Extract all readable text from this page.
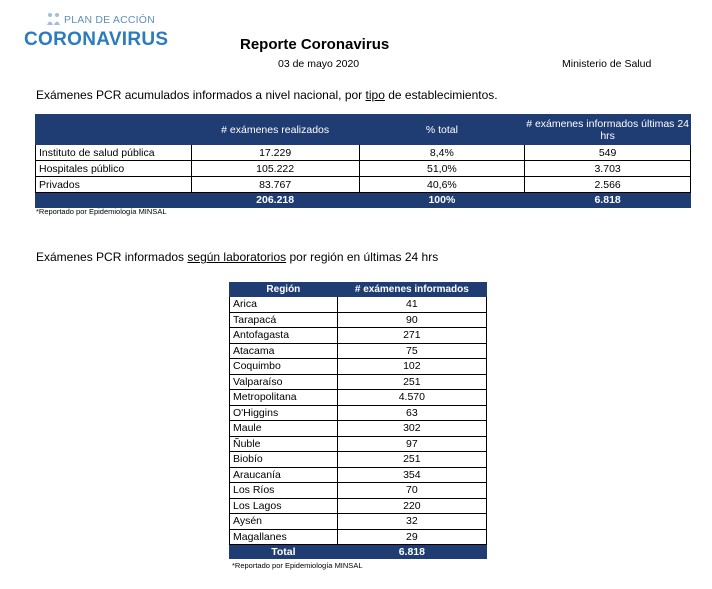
PLAN DE ACCIÓN
CORONAVIRUS	Reporte Coronavirus
03 de mayo 2020	Ministerio de Salud
Exámenes PCR acumulados informados a nivel nacional, por tipo de establecimientos.
	# exámenes realizados	% total	# exámenes informados últimas 24 hrs
Instituto de salud pública	17.229	8,4%	549
Hospitales público	105.222	51,0%	3.703
Privados	83.767	40,6%	2.566
	206.218	100%	6.818
*Reportado por Epidemiología MINSAL
Exámenes PCR informados según laboratorios por región en últimas 24 hrs
Región	# exámenes informados
Arica	41
Tarapacá	90
Antofagasta	271
Atacama	75
Coquimbo	102
Valparaíso	251
Metropolitana	4.570
O'Higgins	63
Maule	302
Ñuble	97
Biobío	251
Araucanía	354
Los Ríos	70
Los Lagos	220
Aysén	32
Magallanes	29
Total	6.818
*Reportado por Epidemiología MINSAL
